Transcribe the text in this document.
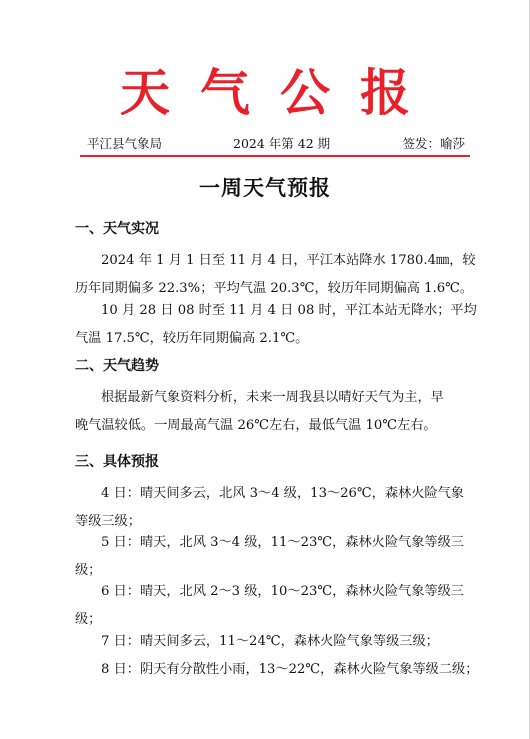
天气公报
平江县气象局	2024 年第 42 期	签发：喻莎
一周天气预报
一、天气实况
2024 年 1 月 1 日至 11 月 4 日，平江本站降水 1780.4㎜，较
历年同期偏多 22.3%；平均气温 20.3℃，较历年同期偏高 1.6℃。
10 月 28 日 08 时至 11 月 4 日 08 时，平江本站无降水；平均
气温 17.5℃，较历年同期偏高 2.1℃。
二、天气趋势
根据最新气象资料分析，未来一周我县以晴好天气为主，早
晚气温较低。一周最高气温 26℃左右，最低气温 10℃左右。
三、具体预报
4 日：晴天间多云，北风 3～4 级，13～26℃，森林火险气象
等级三级；
5 日：晴天，北风 3～4 级，11～23℃，森林火险气象等级三
级；
6 日：晴天，北风 2～3 级，10～23℃，森林火险气象等级三
级；
7 日：晴天间多云，11～24℃，森林火险气象等级三级；
8 日：阴天有分散性小雨，13～22℃，森林火险气象等级二级；
